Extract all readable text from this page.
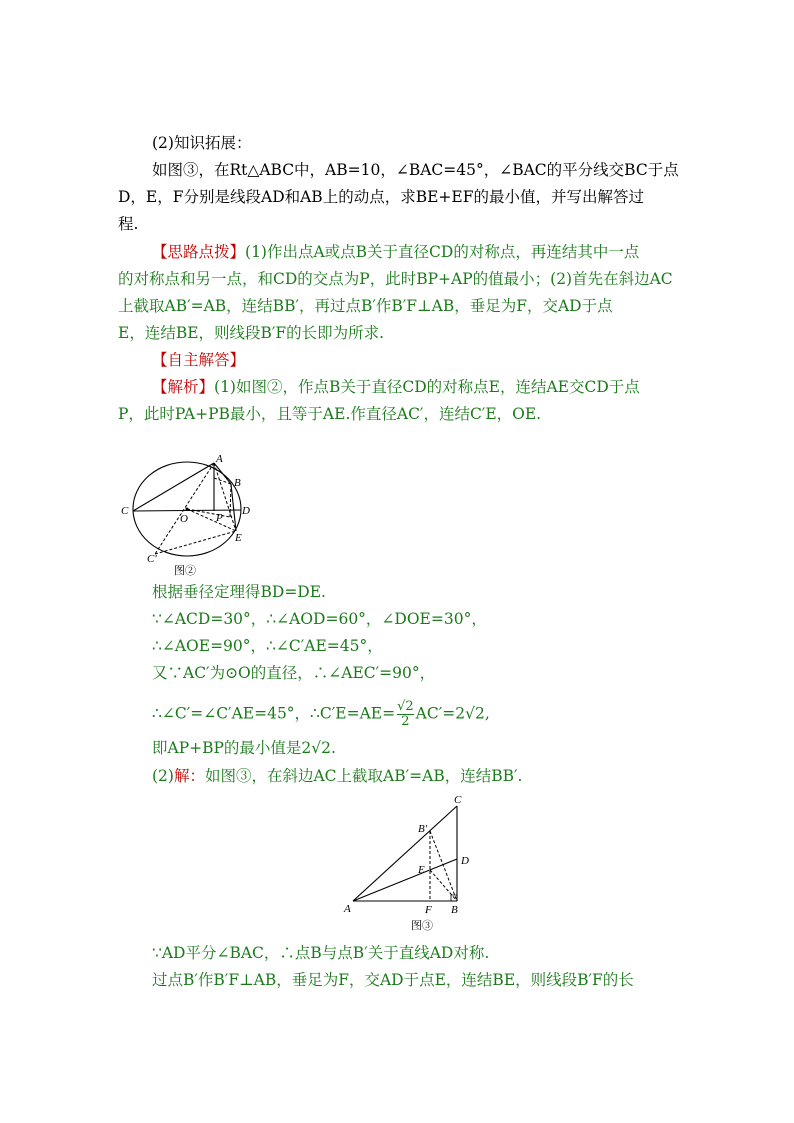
(2)知识拓展：
如图③，在Rt△ABC中，AB=10，∠BAC=45°，∠BAC的平分线交BC于点
D，E，F分别是线段AD和AB上的动点，求BE+EF的最小值，并写出解答过
程.
【思路点拨】(1)作出点A或点B关于直径CD的对称点，再连结其中一点
的对称点和另一点，和CD的交点为P，此时BP+AP的值最小；(2)首先在斜边AC
上截取AB′=AB，连结BB′，再过点B′作B′F⊥AB，垂足为F，交AD于点
E，连结BE，则线段B′F的长即为所求.
【自主解答】
【解析】(1)如图②，作点B关于直径CD的对称点E，连结AE交CD于点
P，此时PA+PB最小，且等于AE.作直径AC′，连结C′E，OE.
A
B
C	D
E
O	P
C′
图②
根据垂径定理得BD=DE.
∵∠ACD=30°，∴∠AOD=60°，∠DOE=30°，
∴∠AOE=90°，∴∠C′AE=45°，
又∵AC′为⊙O的直径，∴∠AEC′=90°，
∴∠C′=∠C′AE=45°，∴C′E=AE= $\frac{√2}{2} AC'=2√2$,
即AP+BP的最小值是2√2.
(2)解：如图③，在斜边AC上截取AB′=AB，连结BB′.
A	B
C
D
E
F
B′
图③
∵AD平分∠BAC，∴点B与点B′关于直线AD对称.
过点B′作B′F⊥AB，垂足为F，交AD于点E，连结BE，则线段B′F的长
